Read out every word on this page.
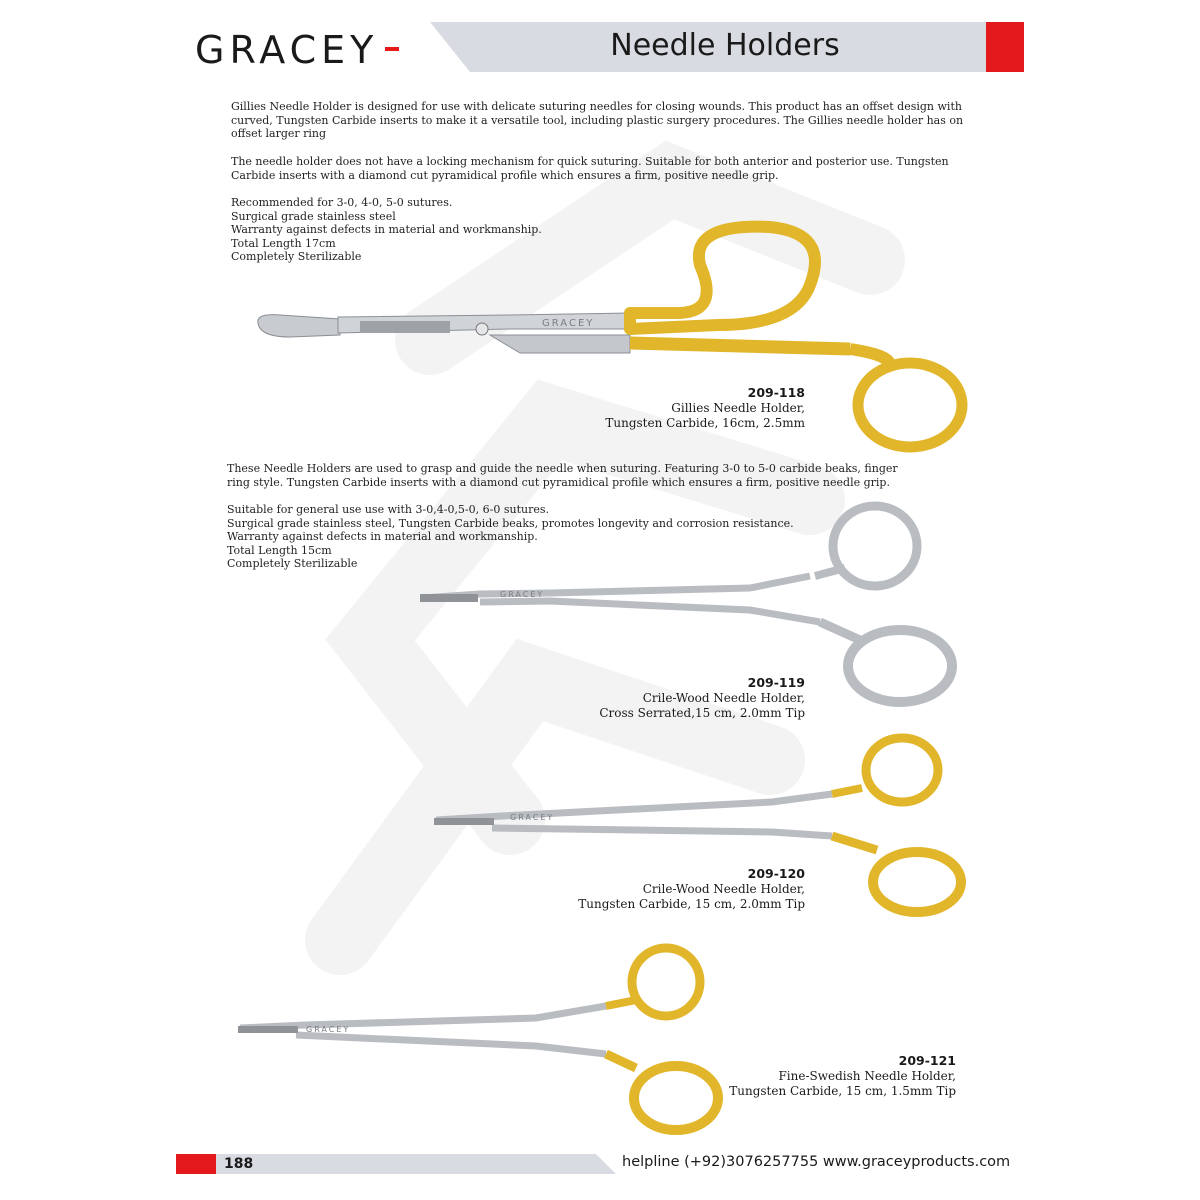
GRACEY	Needle Holders
Gillies Needle Holder is designed for use with delicate suturing needles for closing wounds. This product has an offset design with
curved, Tungsten Carbide inserts to make it a versatile tool, including plastic surgery procedures. The Gillies needle holder has on
offset larger ring
The needle holder does not have a locking mechanism for quick suturing. Suitable for both anterior and posterior use. Tungsten
Carbide inserts with a diamond cut pyramidical profile which ensures a firm, positive needle grip.
Recommended for 3-0, 4-0, 5-0 sutures.
Surgical grade stainless steel
Warranty against defects in material and workmanship.
Total Length 17cm
Completely Sterilizable
GRACEY
209-118
Gillies Needle Holder,
Tungsten Carbide, 16cm, 2.5mm
These Needle Holders are used to grasp and guide the needle when suturing. Featuring 3-0 to 5-0 carbide beaks, finger
ring style. Tungsten Carbide inserts with a diamond cut pyramidical profile which ensures a firm, positive needle grip.
Suitable for general use use with 3-0,4-0,5-0, 6-0 sutures.
Surgical grade stainless steel, Tungsten Carbide beaks, promotes longevity and corrosion resistance.
Warranty against defects in material and workmanship.
Total Length 15cm
Completely Sterilizable
GRACEY
209-119
Crile-Wood Needle Holder,
Cross Serrated,15 cm, 2.0mm Tip
GRACEY
209-120
Crile-Wood Needle Holder,
Tungsten Carbide, 15 cm, 2.0mm Tip
GRACEY
209-121
Fine-Swedish Needle Holder,
Tungsten Carbide, 15 cm, 1.5mm Tip
188	helpline (+92)3076257755 www.graceyproducts.com
